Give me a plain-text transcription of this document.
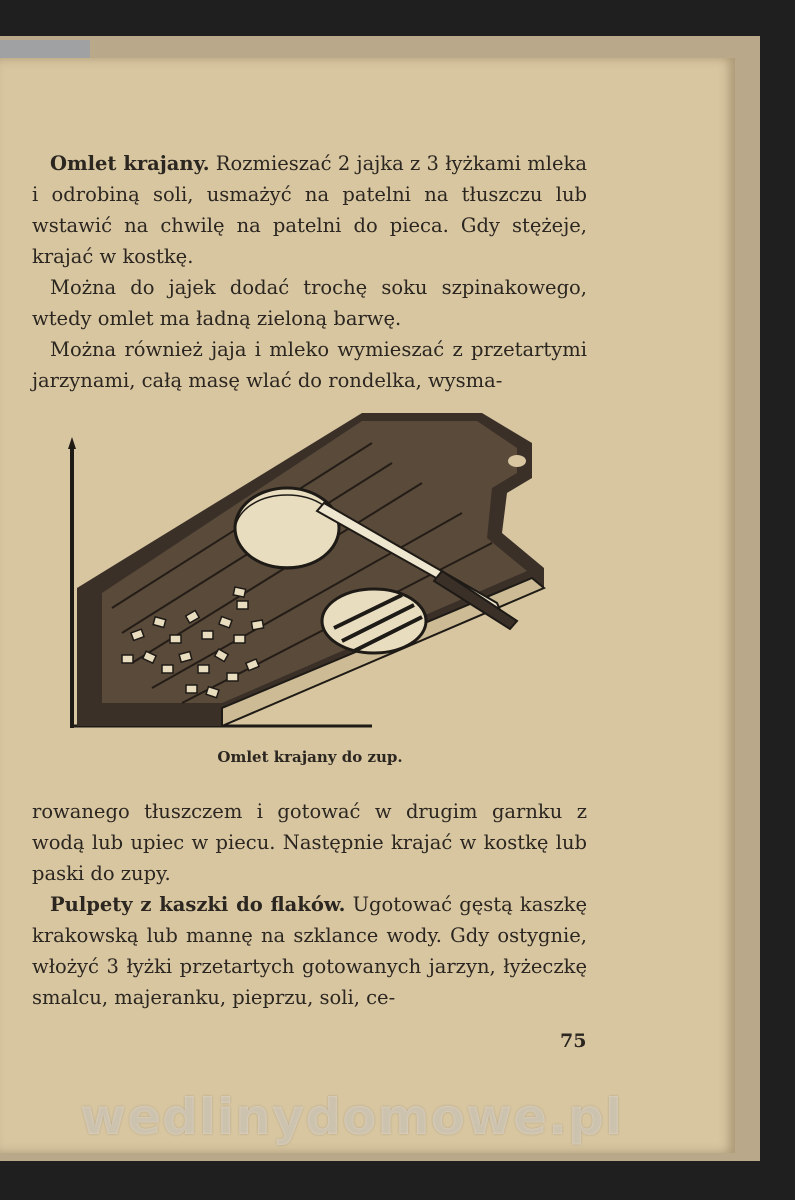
Omlet krajany. Rozmieszać 2 jajka z 3 łyżkami mleka i odrobiną soli, usmażyć na patelni na tłuszczu lub wstawić na chwilę na patelni do pieca. Gdy stężeje, krajać w kostkę.

Można do jajek dodać trochę soku szpinakowego, wtedy omlet ma ładną zieloną barwę.

Można również jaja i mleko wymieszać z przetartymi jarzynami, całą masę wlać do rondelka, wysma-

Omlet krajany do zup.

rowanego tłuszczem i gotować w drugim garnku z wodą lub upiec w piecu. Następnie krajać w kostkę lub paski do zupy.

Pulpety z kaszki do flaków. Ugotować gęstą kaszkę krakowską lub mannę na szklance wody. Gdy ostygnie, włożyć 3 łyżki przetartych gotowanych jarzyn, łyżeczkę smalcu, majeranku, pieprzu, soli, ce-

75
wedlinydomowe.pl
